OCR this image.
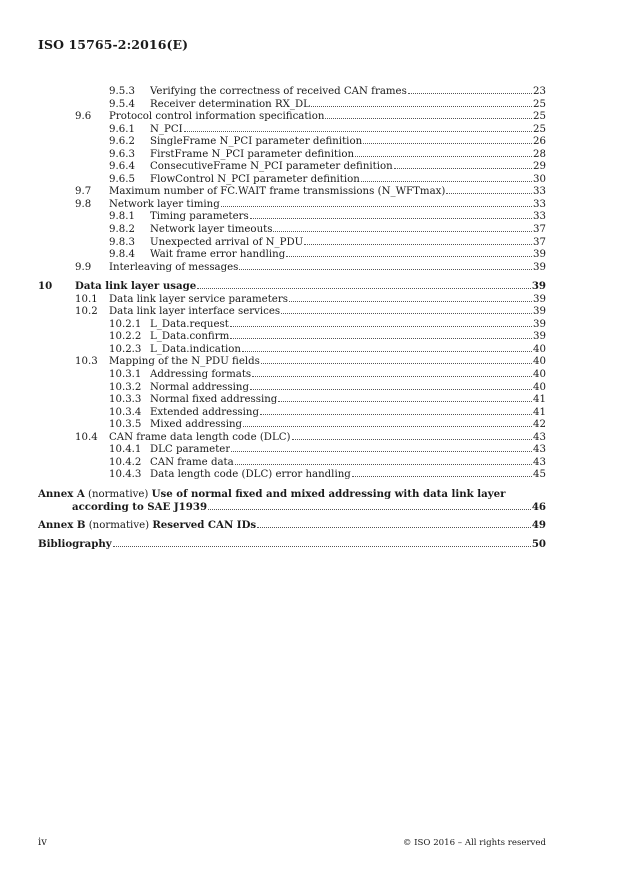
ISO 15765-2:2016(E)
9.5.3	Verifying the correctness of received CAN frames	23
9.5.4	Receiver determination RX_DL	25
9.6	Protocol control information specification	25
9.6.1	N_PCI	25
9.6.2	SingleFrame N_PCI parameter definition	26
9.6.3	FirstFrame N_PCI parameter definition	28
9.6.4	ConsecutiveFrame N_PCI parameter definition	29
9.6.5	FlowControl N_PCI parameter definition	30
9.7	Maximum number of FC.WAIT frame transmissions (N_WFTmax)	33
9.8	Network layer timing	33
9.8.1	Timing parameters	33
9.8.2	Network layer timeouts	37
9.8.3	Unexpected arrival of N_PDU	37
9.8.4	Wait frame error handling	39
9.9	Interleaving of messages	39
10	Data link layer usage	39
10.1	Data link layer service parameters	39
10.2	Data link layer interface services	39
10.2.1 L_Data.request	39
10.2.2 L_Data.confirm	39
10.2.3 L_Data.indication	40
10.3	Mapping of the N_PDU fields	40
10.3.1 Addressing formats	40
10.3.2 Normal addressing	40
10.3.3 Normal fixed addressing	41
10.3.4 Extended addressing	41
10.3.5 Mixed addressing	42
10.4	CAN frame data length code (DLC)	43
10.4.1 DLC parameter	43
10.4.2 CAN frame data	43
10.4.3 Data length code (DLC) error handling	45
Annex A (normative) Use of normal fixed and mixed addressing with data link layer
according to SAE J1939	46
Annex B (normative) Reserved CAN IDs	49
Bibliography	50
iv	© ISO 2016 – All rights reserved
